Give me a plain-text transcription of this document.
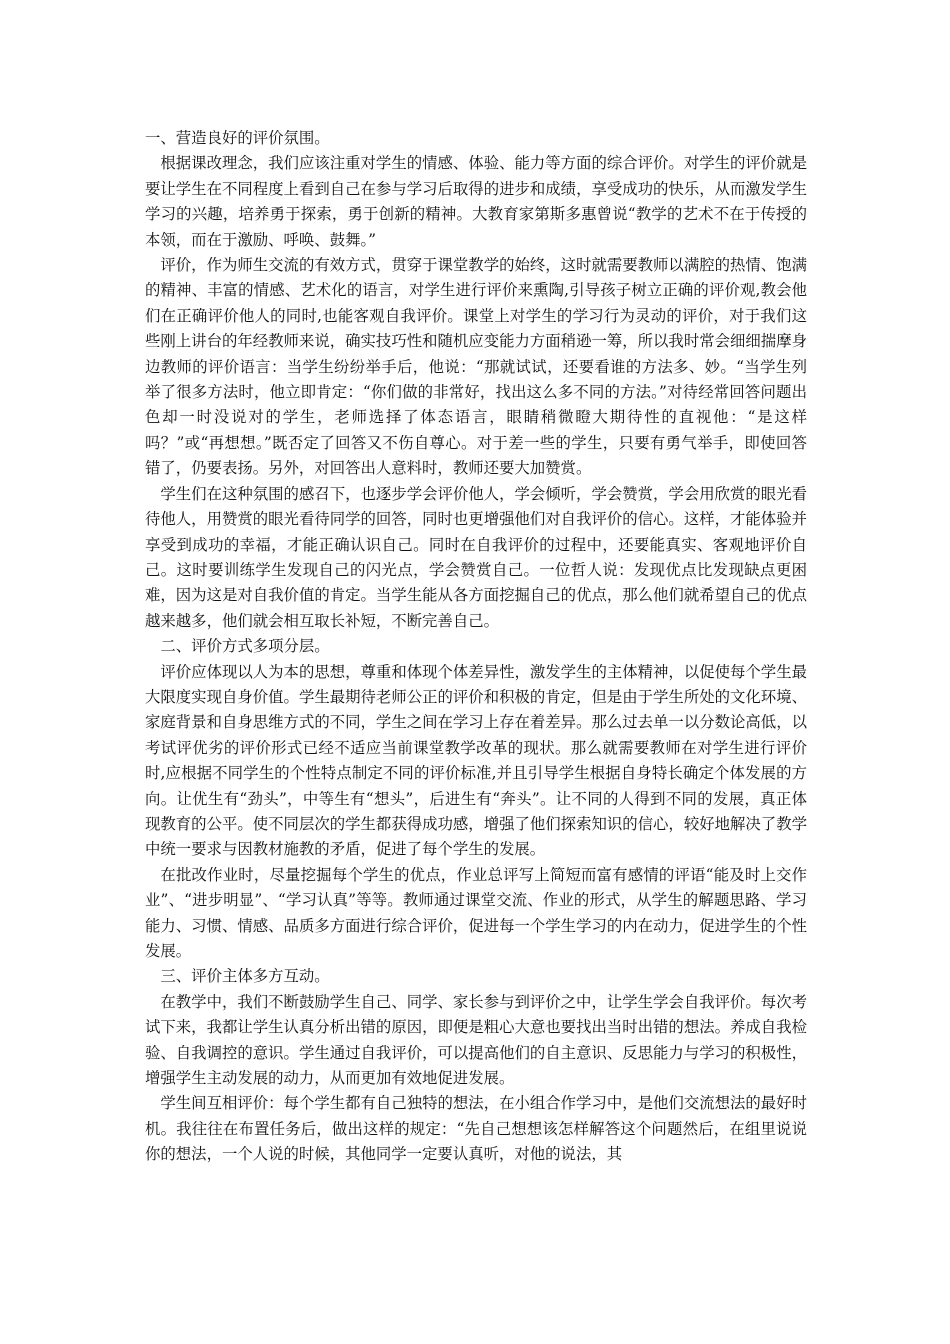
一、营造良好的评价氛围。

根据课改理念，我们应该注重对学生的情感、体验、能力等方面的综合评价。对学生的评价就是要让学生在不同程度上看到自己在参与学习后取得的进步和成绩，享受成功的快乐，从而激发学生学习的兴趣，培养勇于探索，勇于创新的精神。大教育家第斯多惠曾说“教学的艺术不在于传授的本领，而在于激励、呼唤、鼓舞。”

评价，作为师生交流的有效方式，贯穿于课堂教学的始终，这时就需要教师以满腔的热情、饱满的精神、丰富的情感、艺术化的语言，对学生进行评价来熏陶,引导孩子树立正确的评价观,教会他们在正确评价他人的同时,也能客观自我评价。课堂上对学生的学习行为灵动的评价，对于我们这些刚上讲台的年经教师来说，确实技巧性和随机应变能力方面稍逊一筹，所以我时常会细细揣摩身边教师的评价语言：当学生纷纷举手后，他说：“那就试试，还要看谁的方法多、妙。“当学生列举了很多方法时，他立即肯定：“你们做的非常好，找出这么多不同的方法。”对待经常回答问题出色却一时没说对的学生，老师选择了体态语言，眼睛稍微瞪大期待性的直视他：“是这样吗？”或“再想想。”既否定了回答又不伤自尊心。对于差一些的学生，只要有勇气举手，即使回答错了，仍要表扬。另外，对回答出人意料时，教师还要大加赞赏。

学生们在这种氛围的感召下，也逐步学会评价他人，学会倾听，学会赞赏，学会用欣赏的眼光看待他人，用赞赏的眼光看待同学的回答，同时也更增强他们对自我评价的信心。这样，才能体验并享受到成功的幸福，才能正确认识自己。同时在自我评价的过程中，还要能真实、客观地评价自己。这时要训练学生发现自己的闪光点，学会赞赏自己。一位哲人说：发现优点比发现缺点更困难，因为这是对自我价值的肯定。当学生能从各方面挖掘自己的优点，那么他们就希望自己的优点越来越多，他们就会相互取长补短，不断完善自己。

二、评价方式多项分层。

评价应体现以人为本的思想，尊重和体现个体差异性，激发学生的主体精神，以促使每个学生最大限度实现自身价值。学生最期待老师公正的评价和积极的肯定，但是由于学生所处的文化环境、家庭背景和自身思维方式的不同，学生之间在学习上存在着差异。那么过去单一以分数论高低，以考试评优劣的评价形式已经不适应当前课堂教学改革的现状。那么就需要教师在对学生进行评价时,应根据不同学生的个性特点制定不同的评价标准,并且引导学生根据自身特长确定个体发展的方向。让优生有“劲头”，中等生有“想头”，后进生有“奔头”。让不同的人得到不同的发展，真正体现教育的公平。使不同层次的学生都获得成功感，增强了他们探索知识的信心，较好地解决了教学中统一要求与因教材施教的矛盾，促进了每个学生的发展。

在批改作业时，尽量挖掘每个学生的优点，作业总评写上简短而富有感情的评语“能及时上交作业”、“进步明显”、“学习认真”等等。教师通过课堂交流、作业的形式，从学生的解题思路、学习能力、习惯、情感、品质多方面进行综合评价，促进每一个学生学习的内在动力，促进学生的个性发展。

三、评价主体多方互动。

在教学中，我们不断鼓励学生自己、同学、家长参与到评价之中，让学生学会自我评价。每次考试下来，我都让学生认真分析出错的原因，即便是粗心大意也要找出当时出错的想法。养成自我检验、自我调控的意识。学生通过自我评价，可以提高他们的自主意识、反思能力与学习的积极性，增强学生主动发展的动力，从而更加有效地促进发展。

学生间互相评价：每个学生都有自己独特的想法，在小组合作学习中，是他们交流想法的最好时机。我往往在布置任务后，做出这样的规定：“先自己想想该怎样解答这个问题然后，在组里说说你的想法，一个人说的时候，其他同学一定要认真听，对他的说法，其
